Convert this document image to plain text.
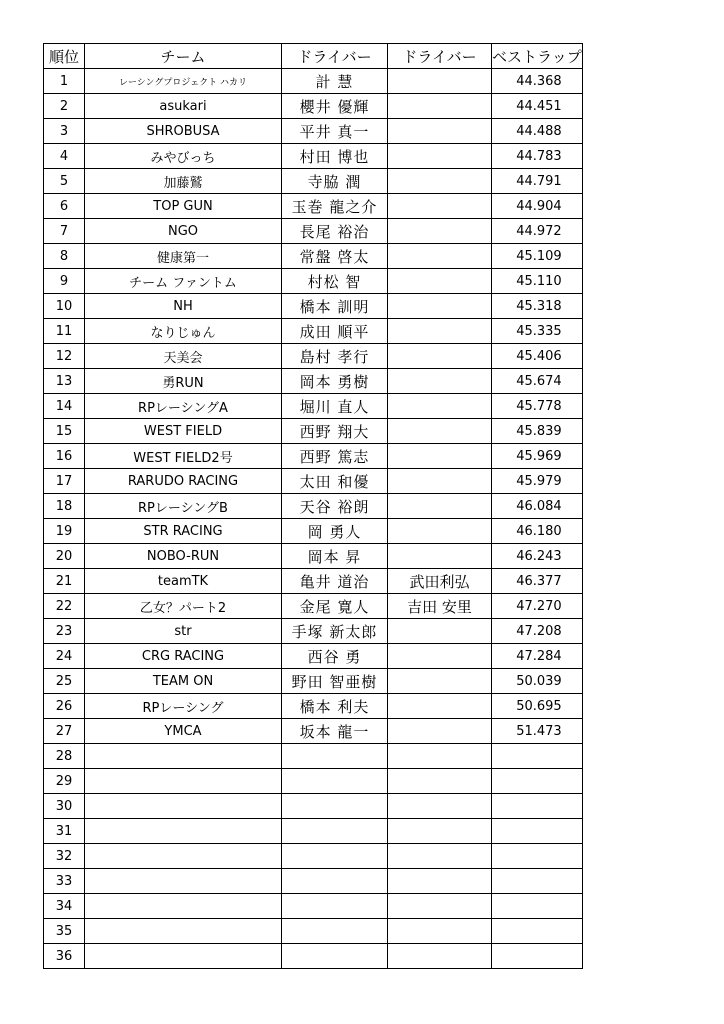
順位	チーム	ドライバー	ドライバー	ベストラップ
1	レーシングプロジェクト ハカリ	計 慧		44.368
2	asukari	櫻井 優輝		44.451
3	SHROBUSA	平井 真一		44.488
4	みやびっち	村田 博也		44.783
5	加藤鷲	寺脇 潤		44.791
6	TOP GUN	玉巻 龍之介		44.904
7	NGO	長尾 裕治		44.972
8	健康第一	常盤 啓太		45.109
9	チーム ファントム	村松 智		45.110
10	NH	橋本 訓明		45.318
11	なりじゅん	成田 順平		45.335
12	天美会	島村 孝行		45.406
13	勇RUN	岡本 勇樹		45.674
14	RPレーシングA	堀川 直人		45.778
15	WEST FIELD	西野 翔大		45.839
16	WEST FIELD2号	西野 篤志		45.969
17	RARUDO RACING	太田 和優		45.979
18	RPレーシングB	天谷 裕朗		46.084
19	STR RACING	岡 勇人		46.180
20	NOBO-RUN	岡本 昇		46.243
21	teamTK	亀井 道治	武田利弘	46.377
22	乙女？パート2	金尾 寛人	吉田 安里	47.270
23	str	手塚 新太郎		47.208
24	CRG RACING	西谷 勇		47.284
25	TEAM ON	野田 智亜樹		50.039
26	RPレーシング	橋本 利夫		50.695
27	YMCA	坂本 龍一		51.473
28				
29				
30				
31				
32				
33				
34				
35				
36				
